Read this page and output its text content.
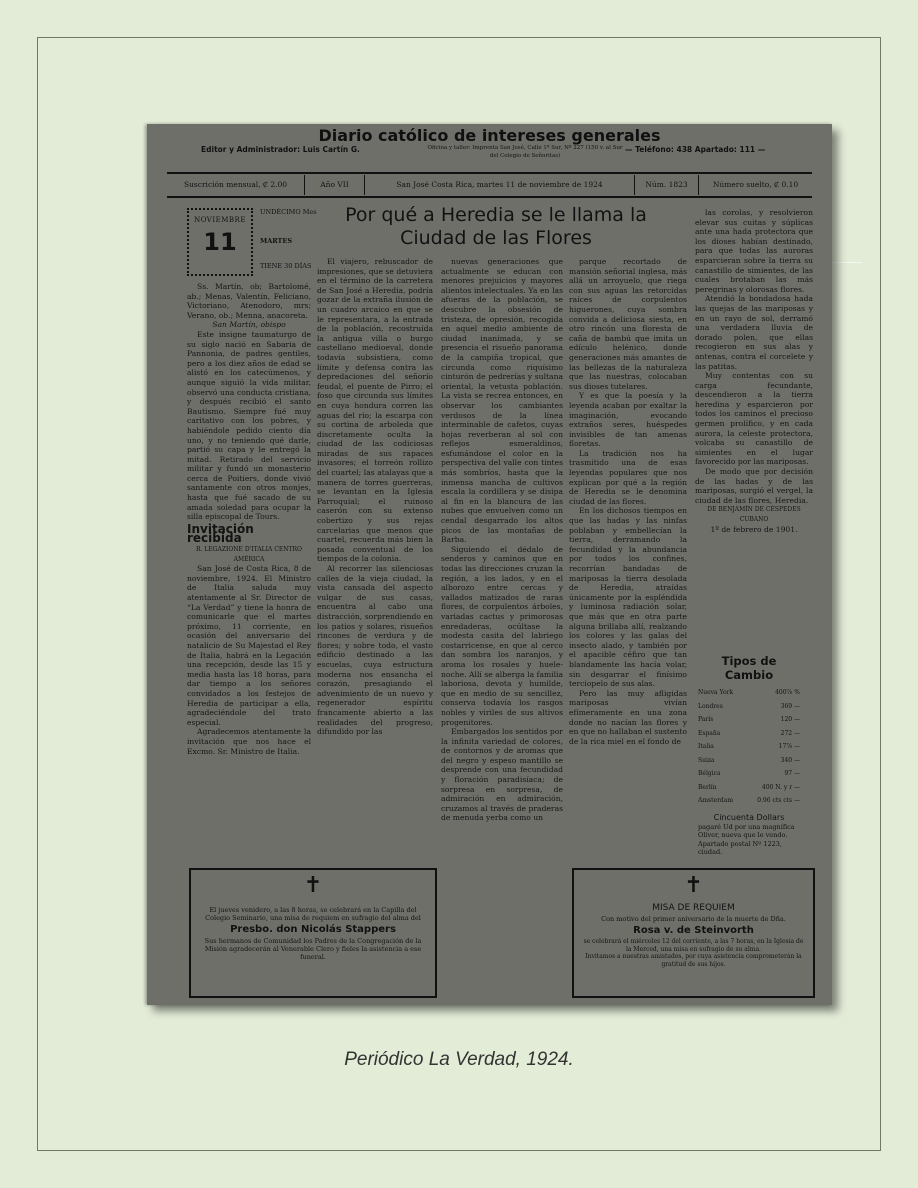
Diario católico de intereses generales
Editor y Administrador: Luis Cartín G.	Oficina y taller: Imprenta San José, Calle 1ª Sur, Nº 227 (150 v. al Sur del Colegio de Señoritas)
— Teléfono: 438 Apartado: 111 —
Suscrición mensual, ₡ 2.00	Año VII	San José Costa Rica, martes 11 de noviembre de 1924	Núm. 1823	Número suelto, ₡ 0.10
NOVIEMBRE
11
UNDÉCIMO Mes
MARTES
TIENE 30 DÍAS

Ss. Martín, ob; Bartolomé, ab.; Menas, Valentín, Feliciano, Victoriano, Atenodoro, mrs; Verano, ob.; Menna, anacoreta.

San Martín, obispo

Este insigne taumaturgo de su siglo nació en Sabaria de Pannonia, de padres gentiles, pero a los diez años de edad se alistó en los catecúmenos, y aunque siguió la vida militar, observó una conducta cristiana, y después recibió el santo Bautismo. Siempre fué muy caritativo con los pobres, y habiéndole pedido ciento día uno, y no teniendo qué darle, partió su capa y le entregó la mitad. Retirado del servicio militar y fundó un monasterio cerca de Poitiers, donde vivió santamente con otros monjes, hasta que fué sacado de su amada soledad para ocupar la silla episcopal de Tours.

Invitación recibida

R. LEGAZIONE D'ITALIA CENTRO AMÉRICA

San José de Costa Rica, 8 de noviembre, 1924. El Ministro de Italia saluda muy atentamente al Sr. Director de “La Verdad” y tiene la honra de comunicarle que el martes próximo, 11 corriente, en ocasión del aniversario del natalicio de Su Majestad el Rey de Italia, habrá en la Legación una recepción, desde las 15 y media hasta las 18 horas, para dar tiempo a los señores convidados a los festejos de Heredia de participar a ella, agradeciéndole del trato especial.

Agradecemos atentamente la invitación que nos hace el Excmo. Sr. Ministro de Italia.

Por qué a Heredia se le llama la Ciudad de las Flores

El viajero, rebuscador de impresiones, que se detuviera en el término de la carretera de San José a Heredia, podría gozar de la extraña ilusión de un cuadro arcaico en que se le representara, a la entrada de la población, recostruída la antigua villa o burgo castellano medioeval, donde todavía subsistiera, como límite y defensa contra las depredaciones del señorío feudal, el puente de Pirro; el foso que circunda sus límites en cuya hondura corren las aguas del río; la escarpa con su cortina de arboleda que discretamente oculta la ciudad de las codiciosas miradas de sus rapaces invasores; el torreón rollizo del cuartel; las atalayas que a manera de torres guerreras, se levantan en la Iglesia Parroquial; el ruinoso caserón con su extenso cobertizo y sus rejas carcelarias que menos que cuartel, recuerda más bien la posada conventual de los tiempos de la colonia.

Al recorrer las silenciosas calles de la vieja ciudad, la vista cansada del aspecto vulgar de sus casas, encuentra al cabo una distracción, sorprendiendo en los patios y solares, risueños rincones de verdura y de flores; y sobre todo, el vasto edificio destinado a las escuelas, cuya estructura moderna nos ensancha el corazón, presagiando el advenimiento de un nuevo y regenerador espíritu francamente abierto a las realidades del progreso, difundido por las

nuevas generaciones que actualmente se educan con menores prejuicios y mayores alientos intelectuales. Ya en las afueras de la población, se descubre la obsesión de tristeza, de opresión, recogida en aquel medio ambiente de ciudad inanimada, y se presencia el risueño panorama de la campiña tropical, que circunda como riquísimo cinturón de pedrerías y sultana oriental, la vetusta población. La vista se recrea entonces, en observar los cambiantes verdosos de la línea interminable de cafetos, cuyas hojas reverberan al sol con reflejos esmeraldinos, esfumándose el color en la perspectiva del valle con tintes más sombríos, hasta que la inmensa mancha de cultivos escala la cordillera y se disipa al fin en la blancura de las nubes que envuelven como un cendal desgarrado los altos picos de las montañas de Barba.

Siguiendo el dédalo de senderos y caminos que en todas las direcciones cruzan la región, a los lados, y en el alborozo entre cercas y vallados matizados de raras flores, de corpulentos árboles, variadas cactus y primorosas enredaderas, ocúltase la modesta casita del labriego costarricense, en que al cerco dan sombra los naranjos, y aroma los rosales y huele-noche. Allí se alberga la familia laboriosa, devota y humilde, que en medio de su sencillez, conserva todavía los rasgos nobles y viriles de sus altivos progenitores.

Embargados los sentidos por la infinita variedad de colores, de contornos y de aromas que del negro y espeso mantillo se desprende con una fecundidad y floración paradisíaca; de sorpresa en sorpresa, de admiración en admiración, cruzamos al través de praderas de menuda yerba como un

parque recortado de mansión señorial inglesa, más allá un arroyuelo, que riega con sus aguas las retorcidas raíces de corpulentos higuerones, cuya sombra convida a deliciosa siesta, en otro rincón una floresta de caña de bambú que imita un edículo helénico, donde generaciones más amantes de las bellezas de la naturaleza que las nuestras, colocaban sus dioses tutelares.

Y es que la poesía y la leyenda acaban por exaltar la imaginación, evocando extraños seres, huéspedes invisibles de tan amenas floretas.

La tradición nos ha trasmitido una de esas leyendas populares que nos explican por qué a la región de Heredia se le denomina ciudad de las flores.

En los dichosos tiempos en que las hadas y las ninfas poblaban y embellecían la tierra, derramando la fecundidad y la abundancia por todos los confines, recorrían bandadas de mariposas la tierra desolada de Heredia, atraídas únicamente por la espléndida y luminosa radiación solar, que más que en otra parte alguna brillaba allí, realzando los colores y las galas del insecto alado, y también por el apacible céfiro que tan blandamente las hacía volar, sin desgarrar el finísimo terciopelo de sus alas.

Pero las muy afligidas mariposas vivían efímeramente en una zona donde no nacían las flores y en que no hallaban el sustento de la rica miel en el fondo de

las corolas, y resolvieron elevar sus cuitas y súplicas ante una hada protectora que los dioses habían destinado, para que todas las auroras esparcieran sobre la tierra su canastillo de simientes, de las cuales brotaban las más peregrinas y olorosas flores.

Atendió la bondadosa hada las quejas de las mariposas y en un rayo de sol, derramó una verdadera lluvia de dorado polen, que ellas recogieron en sus alas y antenas, contra el corcelete y las patitas.

Muy contentas con su carga fecundante, descendieron a la tierra heredina y esparcieron por todos los caminos el precioso germen prolífico, y en cada aurora, la celeste protectora, volcaba su canastillo de simientes en el lugar favorecido por las mariposas.

De modo que por decisión de las hadas y de las mariposas, surgió el vergel, la ciudad de las flores, Heredia.

DE BENJAMÍN DE CÉSPEDES CUBANO

1º de febrero de 1901.

Tipos de Cambio
Nueva York	400⅞ %
Londres	369 —
París	120 —
España	272 —
Italia	17⅞ —
Suiza	340 —
Bélgica	97 —
Berlín	400 N. y r —
Amsterdam	0.96 cts cts —
Cincuenta Dollars
pagaré Ud por una magnífica Oliver, nueva que le vendo. Apartado postal Nº 1223, ciudad.
✝
El jueves venidero, a las 8 horas, se celebrará en la Capilla del Colegio Seminario, una misa de requiem en sufragio del alma del
Presbo. don Nicolás Stappers
Sus hermanos de Comunidad los Padres de la Congregación de la Misión agradecerán al Venerable Clero y fieles la asistencia a ese funeral.
✝
MISA DE REQUIEM
Con motivo del primer aniversario de la muerte de Dña.
Rosa v. de Steinvorth
se celebrará el miércoles 12 del corriente, a las 7 horas, en la Iglesia de la Merced, una misa en sufragio de su alma.
Invitamos a nuestras amistades, por cuya asistencia comprometerán la gratitud de sus hijos.
Periódico La Verdad, 1924.
